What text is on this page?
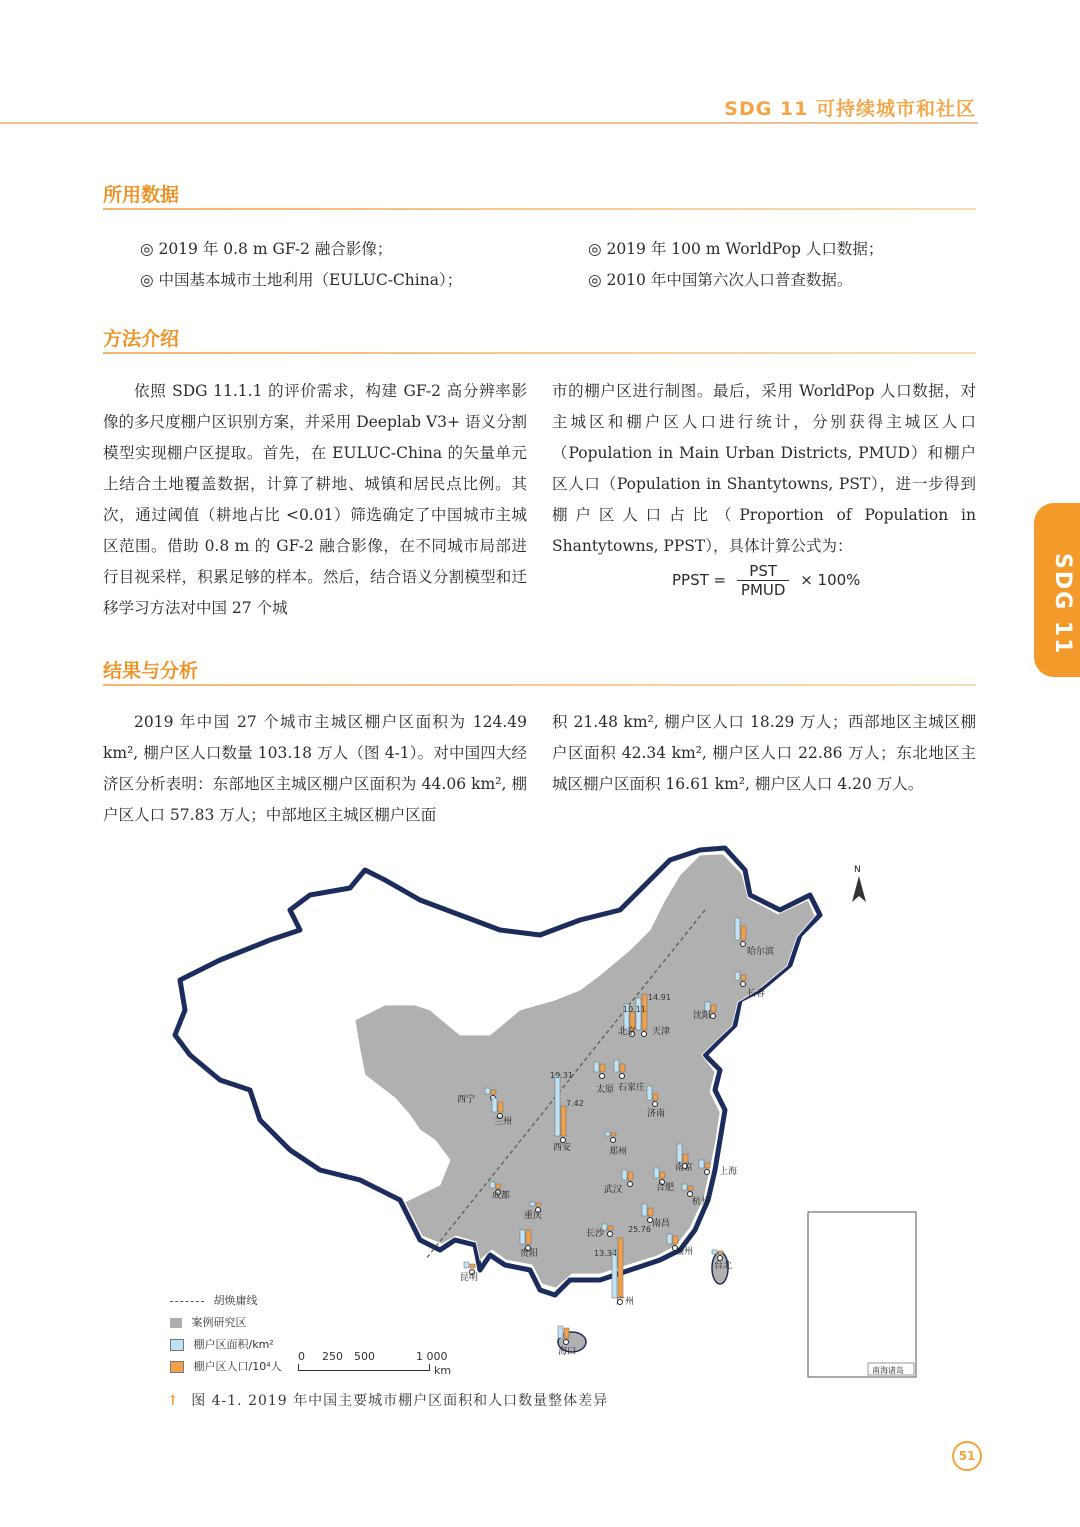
SDG 11 可持续城市和社区
SDG 11
所用数据
◎ 2019 年 0.8 m GF-2 融合影像；
◎ 中国基本城市土地利用（EULUC-China）；
◎ 2019 年 100 m WorldPop 人口数据；
◎ 2010 年中国第六次人口普查数据。
方法介绍

依照 SDG 11.1.1 的评价需求，构建 GF-2 高分辨率影像的多尺度棚户区识别方案，并采用 Deeplab V3+ 语义分割模型实现棚户区提取。首先，在 EULUC-China 的矢量单元上结合土地覆盖数据，计算了耕地、城镇和居民点比例。其次，通过阈值（耕地占比 <0.01）筛选确定了中国城市主城区范围。借助 0.8 m 的 GF-2 融合影像，在不同城市局部进行目视采样，积累足够的样本。然后，结合语义分割模型和迁移学习方法对中国 27 个城

市的棚户区进行制图。最后，采用 WorldPop 人口数据，对主城区和棚户区人口进行统计，分别获得主城区人口（Population in Main Urban Districts, PMUD）和棚户区人口（Population in Shantytowns, PST），进一步得到棚户区人口占比（Proportion of Population in Shantytowns, PPST），具体计算公式为：

PPST = $\frac{\text{PST}}{\text{PMUD}} \times 100\%$
结果与分析

2019 年中国 27 个城市主城区棚户区面积为 124.49 km², 棚户区人口数量 103.18 万人（图 4-1）。对中国四大经济区分析表明：东部地区主城区棚户区面积为 44.06 km², 棚户区人口 57.83 万人；中部地区主城区棚户区面

积 21.48 km², 棚户区人口 18.29 万人；西部地区主城区棚户区面积 42.34 km², 棚户区人口 22.86 万人；东北地区主城区棚户区面积 16.61 km², 棚户区人口 4.20 万人。

N
南海诸岛
哈尔滨
长春
沈阳
北京 天津
太原 石家庄
济南
西宁
兰州
西安	郑州
南京	上海
合肥
武汉
杭州
成都
重庆
长沙
南昌
贵阳	福州
昆明
广州
台北
海口
14.91
10.11
19.31
7.42
25.76
13.34
胡焕庸线
案例研究区
棚户区面积/km²
棚户区人口/10⁴人
0 250 500	1 000
km
↑ 图 4-1. 2019 年中国主要城市棚户区面积和人口数量整体差异
51
